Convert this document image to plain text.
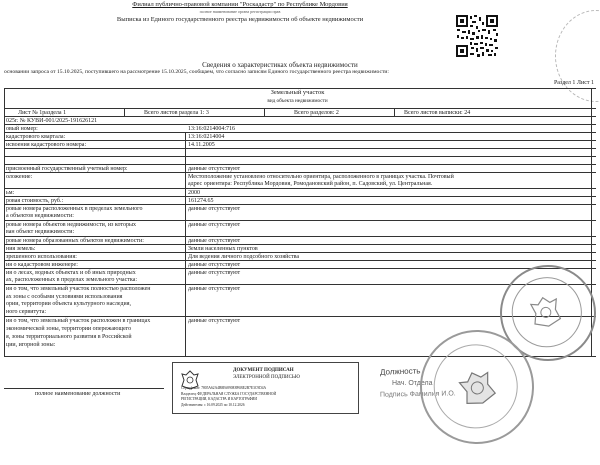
Филиал публично-правовой компании "Роскадастр" по Республике Мордовия
полное наименование органа регистрации прав
Выписка из Единого государственного реестра недвижимости об объекте недвижимости
Сведения о характеристиках объекта недвижимости
основании запроса от 15.10.2025, поступившего на рассмотрение 15.10.2025, сообщаем, что согласно записям Единого государственного реестра недвижимости:
Раздел 1 Лист 1
Земельный участок
вид объекта недвижимости
Лист № 1раздела 1	Всего листов раздела 1: 3	Всего разделов: 2	Всего листов выписки: 24
025г. № КУВИ-001/2025-191626121
овый номер:	13:16:0214004:716
кадастрового квартала:	13:16:0214004
исвоения кадастрового номера:	14.11.2005
присвоенный государственный учетный номер:	данные отсутствуют
оложение:	Местоположение установлено относительно ориентира, расположенного в границах участка. Почтовый
адрес ориентира: Республика Мордовия, Ромодановский район, п. Садовский, ул. Центральная.
ьм:	2000
ровая стоимость, руб.:	161274.65
ровые номера расположенных в пределах земельного	данные отсутствуют
а объектов недвижимости:
ровые номера объектов недвижимости, из которых	данные отсутствуют
ван объект недвижимости:
ровые номера образованных объектов недвижимости:	данные отсутствуют
ния земель:	Земли населенных пунктов
зрешенного использования:	Для ведения личного подсобного хозяйства
ия о кадастровом инженере:	данные отсутствуют
ия о лесах, водных объектах и об иных природных	данные отсутствуют
ах, расположенных в пределах земельного участка:
ия о том, что земельный участок полностью расположен	данные отсутствуют
ах зоны с особыми условиями использования
ории, территории объекта культурного наследия,
ного сервитута:
ия о том, что земельный участок расположен в границах	данные отсутствуют
экономической зоны, территории опережающего
я, зоны территориального развития в Российской
ции, игорной зоны:
полное наименование должности
ДОКУМЕНТ ПОДПИСАН
ЭЛЕКТРОННОЙ ПОДПИСЬЮ
Сертификат: 7805A62A4B8E6890E8F6BE2B7E3C9D4A
Владелец: ФЕДЕРАЛЬНАЯ СЛУЖБА ГОСУДАРСТВЕННОЙ
РЕГИСТРАЦИИ, КАДАСТРА И КАРТОГРАФИИ
Действителен: с 16.09.2025 по 10.12.2026
Должность
Нач. Отдела
Подпись Фамилия И.О.
